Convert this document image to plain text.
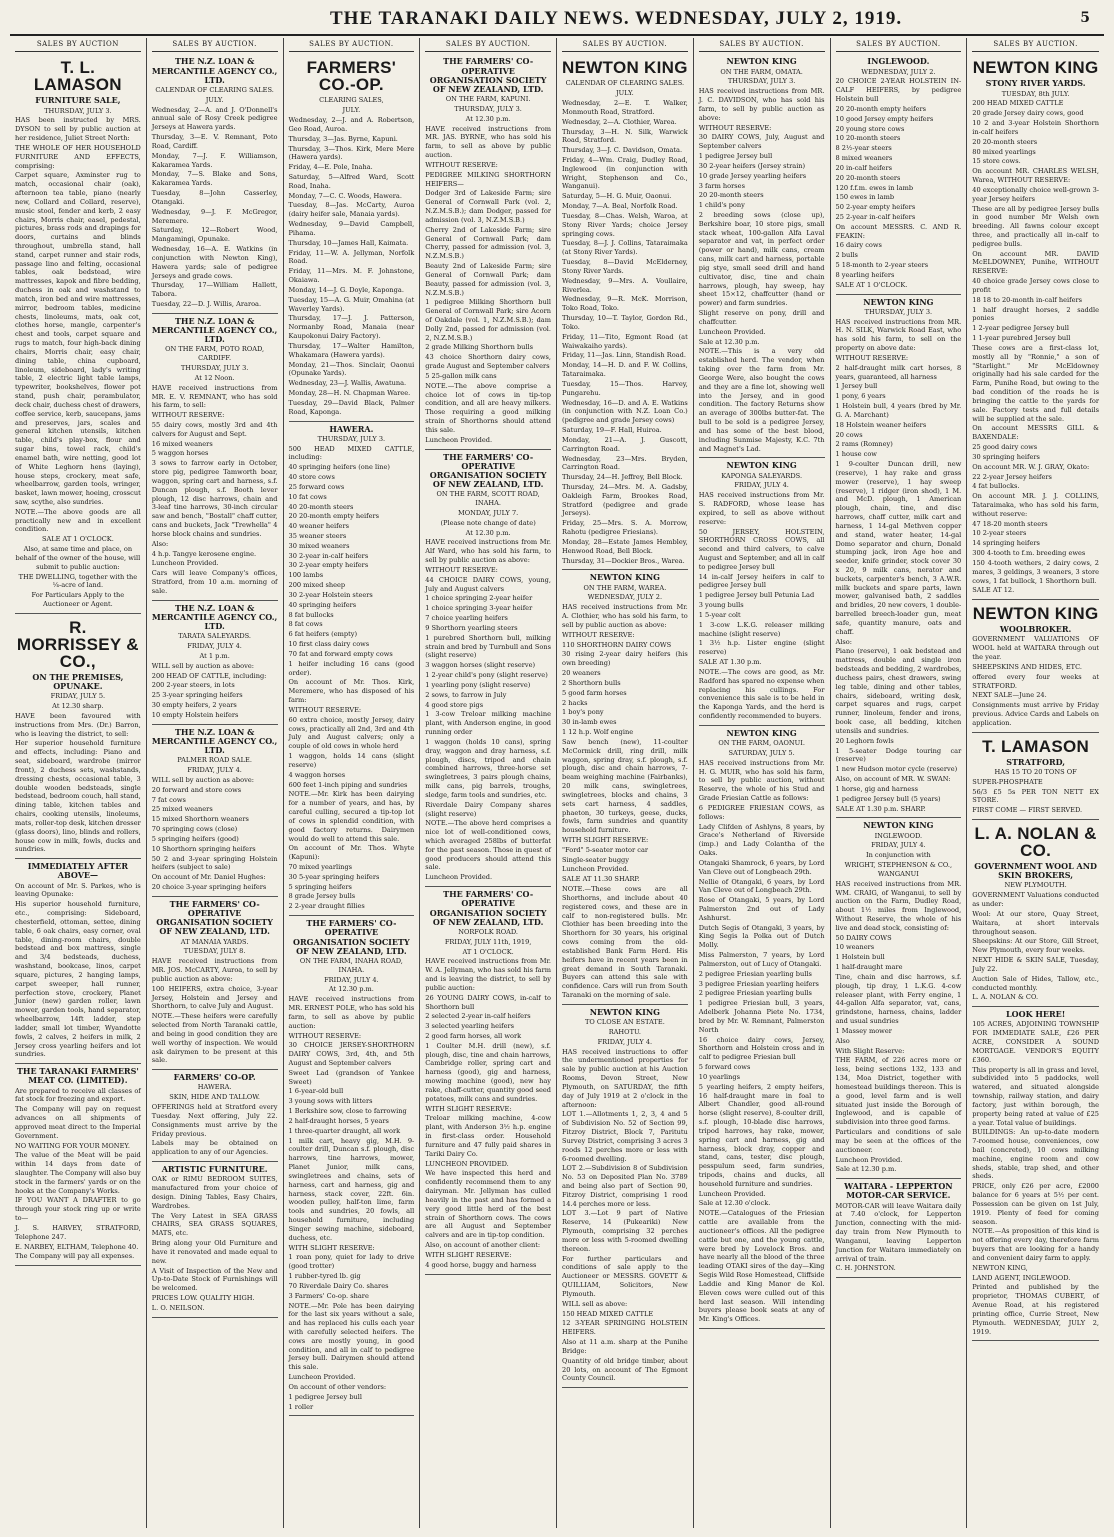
THE TARANAKI DAILY NEWS. WEDNESDAY, JULY 2, 1919.	5
SALES BY AUCTION
T. L. LAMASON
FURNITURE SALE,
THURSDAY, JULY 3.

HAS been instructed by MRS. DYSON to sell by public auction at her residence, Juliet Street North:

THE WHOLE OF HER HOUSEHOLD FURNITURE AND EFFECTS, comprising:

Carpet square, Axminster rug to match, occasional chair (oak), afternoon tea table, piano (nearly new, Collard and Collard, reserve), music stool, fender and kerb, 2 easy chairs, Morris chair, easel, pedestal, pictures, brass rods and drapings for doors, curtains and blinds throughout, umbrella stand, hall stand, carpet runner and stair rods, passage lino and felting, occasional tables, oak bedstead, wire mattresses, kapok and fibre bedding, duchess in oak and washstand to match, iron bed and wire mattresses, mirror, bedroom tables, medicine chests, linoleums, mats, oak cot, clothes horse, mangle, carpenter's chest and tools, carpet square and rugs to match, four high-back dining chairs, Morris chair, easy chair, dining table, china cupboard, linoleum, sideboard, lady's writing table, 2 electric light table lamps, typewriter, bookshelves, flower pot stand, push chair, perambulator, deck chair, duchess chest of drawers, coffee service, kerb, saucepans, jams and preserves, jars, scales and general kitchen utensils, kitchen table, child's play-box, flour and sugar bins, towel rack, child's enamel bath, wire netting, good lot of White Leghorn hens (laying), house steps, crockery, meat safe, wheelbarrow, garden tools, wringer, basket, lawn mower, hoeing, crosscut saw, scythe, also sundries.

NOTE.—The above goods are all practically new and in excellent condition.

SALE AT 1 O'CLOCK.
Also, at same time and place, on behalf of the owner of the house, will submit to public auction:
THE DWELLING, together with the ¼-acre of land.
For Particulars Apply to the Auctioneer or Agent.
R. MORRISSEY & CO.,
ON THE PREMISES, OPUNAKE.
FRIDAY, JULY 5.
At 12.30 sharp.

HAVE been favoured with instructions from Mrs. (Dr.) Barron, who is leaving the district, to sell:

Her superior household furniture and effects, including: Piano and seat, sideboard, wardrobe (mirror front), 2 duchess sets, washstands, dressing chests, occasional table, 3 double wooden bedsteads, single bedstead, bedroom couch, hall stand, dining table, kitchen tables and chairs, cooking utensils, linoleums, mats, roller-top desk, kitchen dresser (glass doors), lino, blinds and rollers, house cow in milk, fowls, ducks and sundries.

IMMEDIATELY AFTER ABOVE—

On account of Mr. S. Parkes, who is leaving Opunake:

His superior household furniture, etc., comprising: Sideboard, chesterfield, ottoman, settee, dining table, 6 oak chairs, easy corner, oval table, dining-room chairs, double bedstead and box mattress, single and 3/4 bedsteads, duchess, washstand, bookcase, linos, carpet square, pictures, 2 hanging lamps, carpet sweeper, hall runner, perfection stove, crockery, Planet Junior (new) garden roller, lawn mower, garden tools, hand separator, wheelbarrow, 14ft ladder, step ladder, small lot timber, Wyandotte fowls, 2 calves, 2 heifers in milk, 2 Jersey cross yearling heifers and lot sundries.

THE TARANAKI FARMERS' MEAT CO. (LIMITED).

Are prepared to receive all classes of fat stock for freezing and export.

The Company will pay on request advances on all shipments of approved meat direct to the Imperial Government.

NO WAITING FOR YOUR MONEY.

The value of the Meat will be paid within 14 days from date of slaughter. The Company will also buy stock in the farmers' yards or on the hooks at the Company's Works.

IF YOU WANT A DRAFTER to go through your stock ring up or write to—

J. S. HARVEY, STRATFORD, Telephone 247.

E. NARBEY, ELTHAM, Telephone 40.

The Company will pay all expenses.

SALES BY AUCTION.
THE N.Z. LOAN & MERCANTILE AGENCY CO., LTD.
CALENDAR OF CLEARING SALES.
JULY.

Wednesday, 2—A. and J. O'Donnell's annual sale of Rosy Creek pedigree Jerseys at Hawera yards.

Thursday, 3—E. V. Remnant, Poto Road, Cardiff.

Monday, 7—J. F. Williamson, Kakaramea Yards.

Monday, 7—S. Blake and Sons, Kakaramea Yards.

Tuesday, 8—John Casserley, Otangaki.

Wednesday, 9—J. F. McGregor, Meremere.

Saturday, 12—Robert Wood, Mangamingi, Opunake.

Wednesday, 16—A. E. Watkins (in conjunction with Newton King), Hawera yards; sale of pedigree Jerseys and grade cows.

Thursday, 17—William Hallett, Tabora.

Tuesday, 22—D. J. Willis, Araroa.

THE N.Z. LOAN & MERCANTILE AGENCY CO., LTD.
ON THE FARM, POTO ROAD, CARDIFF.
THURSDAY, JULY 3.
At 12 Noon.

HAVE received instructions from MR. E. V. REMNANT, who has sold his farm, to sell:

WITHOUT RESERVE:

55 dairy cows, mostly 3rd and 4th calvers for August and Sept.

16 mixed weaners

5 waggon horses

3 sows to farrow early in October, store pig, pedigree Tamworth boar, waggon, spring cart and harness, s.f. Duncan plough, s.f. Booth lever plough, 12 disc harrows, chain and 3-leaf tine harrows, 30-inch circular saw and bench, "Bostall" chaff cutter, cans and buckets, Jack "Trewhella" 4 horse block chains and sundries.

Also:

4 h.p. Tangye kerosene engine.

Luncheon Provided.

Cars will leave Company's offices, Stratford, from 10 a.m. morning of sale.

THE N.Z. LOAN & MERCANTILE AGENCY CO., LTD.
TARATA SALEYARDS.
FRIDAY, JULY 4.
At 1 p.m.

WILL sell by auction as above:

200 HEAD OF CATTLE, including:

200 2-year steers, in lots

25 3-year springing heifers

30 empty heifers, 2 years

10 empty Holstein heifers

THE N.Z. LOAN & MERCANTILE AGENCY CO., LTD.
PALMER ROAD SALE.
FRIDAY, JULY 4.

WILL sell by auction as above:

20 forward and store cows

7 fat cows

25 mixed weaners

15 mixed Shorthorn weaners

70 springing cows (close)

5 springing heifers (good)

10 Shorthorn springing heifers

50 2 and 3-year springing Holstein heifers (subject to sale)

On account of Mr. Daniel Hughes:

20 choice 3-year springing heifers

THE FARMERS' CO-OPERATIVE ORGANISATION SOCIETY OF NEW ZEALAND, LTD.
AT MANAIA YARDS.
TUESDAY, JULY 8.

HAVE received instructions from MR. JOS. McCARTY, Auroa, to sell by public auction as above:

100 HEIFERS, extra choice, 3-year Jersey, Holstein and Jersey and Shorthorn, to calve July and August.

NOTE.—These heifers were carefully selected from North Taranaki cattle, and being in good condition they are well worthy of inspection. We would ask dairymen to be present at this sale.

FARMERS' CO-OP.
HAWERA.
SKIN, HIDE AND TALLOW.

OFFERINGS held at Stratford every Tuesday. Next offering, July 22. Consignments must arrive by the Friday previous.

Labels may be obtained on application to any of our Agencies.

ARTISTIC FURNITURE.

OAK or RIMU BEDROOM SUITES, manufactured from your choice of design. Dining Tables, Easy Chairs, Wardrobes.

The Very Latest in SEA GRASS CHAIRS, SEA GRASS SQUARES, MATS, etc.

Bring along your Old Furniture and have it renovated and made equal to new.

A Visit of Inspection of the New and Up-to-Date Stock of Furnishings will be welcomed.

PRICES LOW. QUALITY HIGH.

L. O. NEILSON.

SALES BY AUCTION.
FARMERS' CO.-OP.
CLEARING SALES,
JULY.

Wednesday, 2—J. and A. Robertson, Geo Road, Auroa.

Thursday, 3—Jas. Byrne, Kapuni.

Thursday, 3—Thos. Kirk, Mere Mere (Hawera yards).

Friday, 4—E. Pole, Inaha.

Saturday, 5—Alfred Ward, Scott Road, Inaha.

Monday, 7—C. C. Woods, Hawera.

Tuesday, 8—Jas. McCarty, Auroa (dairy heifer sale, Manaia yards).

Wednesday, 9—David Campbell, Pihama.

Thursday, 10—James Hall, Kaimata.

Friday, 11—W. A. Jellyman, Norfolk Road.

Friday, 11—Mrs. M. F. Johnstone, Okaiawa.

Monday, 14—J. G. Doyle, Kaponga.

Tuesday, 15—A. G. Muir, Omahina (at Waverley Yards).

Thursday, 17—J. J. Patterson, Normanby Road, Manaia (near Kaupokonui Dairy Factory).

Thursday, 17—Walter Hamilton, Whakamara (Hawera yards).

Monday, 21—Thos. Sinclair, Oaonui (Opunake Yards).

Wednesday, 23—J. Wallis, Awatuna.

Monday, 28—H. N. Chapman Waree.

Tuesday, 29—David Black, Palmer Road, Kaponga.

HAWERA.
THURSDAY, JULY 3.

500 HEAD MIXED CATTLE, including:

40 springing heifers (one line)

40 store cows

25 forward cows

10 fat cows

40 20-month steers

20 20-month empty heifers

40 weaner heifers

35 weaner steers

30 mixed weaners

30 2-year in-calf heifers

30 2-year empty heifers

100 lambs

200 mixed sheep

30 2-year Holstein steers

40 springing heifers

8 fat bullocks

8 fat cows

6 fat heifers (empty)

10 first class dairy cows

70 fat and forward empty cows

1 heifer including 16 cans (good order).

On account of Mr. Thos. Kirk, Meremere, who has disposed of his farm:

WITHOUT RESERVE:

60 extra choice, mostly Jersey, dairy cows, practically all 2nd, 3rd and 4th July and August calvers; only a couple of old cows in whole herd

1 waggon, holds 14 cans (slight reserve)

4 waggon horses

600 feet 1-inch piping and sundries

NOTE.—Mr. Kirk has been dairying for a number of years, and has, by careful culling, secured a tip-top lot of cows in splendid condition, with good factory returns. Dairymen would do well to attend this sale.

On account of Mr. Thos. Whyte (Kapuni):

70 mixed yearlings

30 5-year springing heifers

5 springing heifers

8 grade Jersey bulls

2 2-year draught fillies

THE FARMERS' CO-OPERATIVE ORGANISATION SOCIETY OF NEW ZEALAND, LTD.
ON THE FARM, INAHA ROAD, INAHA.
FRIDAY, JULY 4.
At 12.30 p.m.

HAVE received instructions from MR. ERNEST POLE, who has sold his farm, to sell as above by public auction:

WITHOUT RESERVE:

30 CHOICE JERSEY-SHORTHORN DAIRY COWS, 3rd, 4th, and 5th August and September calvers

Sweet Lad (grandson of Yankee Sweet)

1 6-year-old bull

3 young sows with litters

1 Berkshire sow, close to farrowing

2 half-draught horses, 5 years

1 three-quarter draught, all work

1 milk cart, heavy gig, M.H. 9-coulter drill, Duncan s.f. plough, disc harrows, tine harrows, mower, Planet Junior, milk cans, swingletrees and chains, sets of harness, cart and harness, gig and harness, stack cover, 22ft. 6in. wooden pulley, half-ton lime, farm tools and sundries, 20 fowls, all household furniture, including Singer sewing machine, sideboard, duchess, etc.

WITH SLIGHT RESERVE:

1 roan pony, quiet for lady to drive (good trotter)

1 rubber-tyred lb. gig

70 Riverdale Dairy Co. shares

3 Farmers' Co-op. share

NOTE.—Mr. Pole has been dairying for the last six years without a sale, and has replaced his culls each year with carefully selected heifers. The cows are mostly young, in good condition, and all in calf to pedigree Jersey bull. Dairymen should attend this sale.

Luncheon Provided.

On account of other vendors:

1 pedigree Jersey bull

1 roller

SALES BY AUCTION.
THE FARMERS' CO-OPERATIVE ORGANISATION SOCIETY OF NEW ZEALAND, LTD.
ON THE FARM, KAPUNI.
THURSDAY, JULY 3.
At 12.30 p.m.

HAVE received instructions from MR. JAS. BYRNE, who has sold his farm, to sell as above by public auction.

WITHOUT RESERVE:

PEDIGREE MILKING SHORTHORN HEIFERS—

Dodger 3rd of Lakeside Farm; sire General of Cornwall Park (vol. 2, N.Z.M.S.B.); dam Dodger, passed for admission (vol. 3, N.Z.M.S.B.)

Cherry 2nd of Lakeside Farm; sire General of Cornwall Park; dam Cherry, passed for admission (vol. 3, N.Z.M.S.B.)

Beauty 2nd of Lakeside Farm; sire General of Cornwall Park; dam Beauty, passed for admission (vol. 3, N.Z.M.S.B.)

1 pedigree Milking Shorthorn bull General of Cornwall Park; sire Acorn of Oakdale (vol. 1, N.Z.M.S.B.); dam Dolly 2nd, passed for admission (vol. 2, N.Z.M.S.B.)

2 grade Milking Shorthorn bulls

43 choice Shorthorn dairy cows, grade August and September calvers

5 25-gallon milk cans

NOTE.—The above comprise a choice lot of cows in tip-top condition, and all are heavy milkers. Those requiring a good milking strain of Shorthorns should attend this sale.

Luncheon Provided.

THE FARMERS' CO-OPERATIVE ORGANISATION SOCIETY OF NEW ZEALAND, LTD.
ON THE FARM, SCOTT ROAD, INAHA.
MONDAY, JULY 7.
(Please note change of date)
At 12.30 p.m.

HAVE received instructions from Mr. Alf Ward, who has sold his farm, to sell by public auction as above:

WITHOUT RESERVE:

44 CHOICE DAIRY COWS, young, July and August calvers

1 choice springing 2-year heifer

1 choice springing 3-year heifer

7 choice yearling heifers

9 Shorthorn yearling steers

1 purebred Shorthorn bull, milking strain and bred by Turnbull and Sons (slight reserve)

3 waggon horses (slight reserve)

1 2-year child's pony (slight reserve)

1 yearling pony (slight reserve)

2 sows, to farrow in July

4 good store pigs

1 3-cow Treloar milking machine plant, with Anderson engine, in good running order

1 waggon (holds 10 cans), spring dray, waggon and dray harness, s.f. plough, discs, tripod and chain combined harrows, three-horse set swingletrees, 3 pairs plough chains, milk cans, pig barrels, troughs, sledge, farm tools and sundries, etc.

Riverdale Dairy Company shares (slight reserve)

NOTE.—The above herd comprises a nice lot of well-conditioned cows, which averaged 258lbs of butterfat for the past season. Those in quest of good producers should attend this sale.

Luncheon Provided.

THE FARMERS' CO-OPERATIVE ORGANISATION SOCIETY OF NEW ZEALAND, LTD.
NORFOLK ROAD.
FRIDAY, JULY 11th, 1919,
AT 1 O'CLOCK.

HAVE received instructions from Mr. W. A. Jellyman, who has sold his farm and is leaving the district, to sell by public auction:

26 YOUNG DAIRY COWS, in-calf to Shorthorn bull

2 selected 2-year in-calf heifers

3 selected yearling heifers

2 good farm horses, all work

1 Coulter M.H. drill (new), s.f. plough, disc, tine and chain harrows, Cambridge roller, spring cart and harness (good), gig and harness, mowing machine (good), new hay rake, chaff-cutter, quantity good seed potatoes, milk cans and sundries.

WITH SLIGHT RESERVE:

Treloar milking machine, 4-cow plant, with Anderson 3½ h.p. engine in first-class order. Household furniture and 47 fully paid shares in Tariki Dairy Co.

LUNCHEON PROVIDED.

We have inspected this herd and confidently recommend them to any dairyman. Mr. Jellyman has culled heavily in the past and has formed a very good little herd of the best strain of Shorthorn cows. The cows are all August and September calvers and are in tip-top condition.

Also, on account of another client:

WITH SLIGHT RESERVE:

4 good horse, buggy and harness

SALES BY AUCTION.
NEWTON KING
CALENDAR OF CLEARING SALES.
JULY.

Wednesday, 2—E. T. Walker, Monmouth Road, Stratford.

Wednesday, 2—A. Clothier, Warea.

Thursday, 3—H. N. Silk, Warwick Road, Stratford.

Thursday, 3—J. C. Davidson, Omata.

Friday, 4—Wm. Craig, Dudley Road, Inglewood (in conjunction with Wright, Stephenson and Co., Wanganui).

Saturday, 5—H. G. Muir, Oaonui.

Monday, 7—A. Beal, Norfolk Road.

Tuesday, 8—Chas. Welsh, Waroa, at Stony River Yards; choice Jersey springing cows.

Tuesday, 8—J. J. Collins, Tataraimaka (at Stony River Yards).

Tuesday, 8—David McElderney, Stony River Yards.

Wednesday, 9—Mrs. A. Voullaire, Riverlea.

Wednesday, 9—R. McK. Morrison, Toko Road, Toko.

Thursday, 10—T. Taylor, Gordon Rd., Toko.

Friday, 11—Tito, Egmont Road (at Waiwakaiho yards).

Friday, 11—Jas. Linn, Standish Road.

Monday, 14—H. D. and F. W. Collins, Tataraimaka.

Tuesday, 15—Thos. Harvey, Pungarehu.

Wednesday, 16—D. and A. E. Watkins (in conjunction with N.Z. Loan Co.) (pedigree and grade Jersey cows)

Saturday, 19—F. Hall, Huiroa.

Monday, 21—A. J. Guscott, Carrington Road.

Wednesday, 23—Mrs. Bryden, Carrington Road.

Thursday, 24—H. Jeffrey, Bell Block.

Thursday, 24—Mrs. M. A. Gadsby, Oakleigh Farm, Brookes Road, Stratford (pedigree and grade Jerseys).

Friday, 25—Mrs. S. A. Morrow, Rahotu (pedigree Friesians).

Monday, 28—Estate James Hembley, Henwood Road, Bell Block.

Thursday, 31—Dockier Bros., Warea.

NEWTON KING
ON THE FARM, WAREA.
WEDNESDAY, JULY 2.

HAS received instructions from Mr. A. Clothier, who has sold his farm, to sell by public auction as above:

WITHOUT RESERVE:

110 SHORTHORN DAIRY COWS

30 rising 2-year dairy heifers (his own breeding)

20 weaners

2 Shorthorn bulls

5 good farm horses

2 hacks

1 boy's pony

30 in-lamb ewes

1 12 h.p. Wolf engine

Saw bench (new), 11-coulter McCormick drill, ring drill, milk waggon, spring dray, s.f. plough, s.f. plough, disc and chain harrows, 7-beam weighing machine (Fairbanks), 20 milk cans, swingletrees, swingletrees, blocks and chains, 3 sets cart harness, 4 saddles, phaeton, 30 turkeys, geese, ducks, fowls, farm sundries and quantity household furniture.

WITH SLIGHT RESERVE:

"Ford" 5-seater motor car

Single-seater buggy

Luncheon Provided.

SALE AT 11.30 SHARP.

NOTE.—These cows are all Shorthorns, and include about 40 registered cows, and these are in calf to non-registered bulls. Mr. Clothier has been breeding into the Shorthorn for 30 years, his original cows coming from the old-established Bank Farm Herd. His heifers have in recent years been in great demand in South Taranaki. Buyers can attend this sale with confidence. Cars will run from South Taranaki on the morning of sale.

NEWTON KING
TO CLOSE AN ESTATE.
RAHOTU.
FRIDAY, JULY 4.

HAS received instructions to offer the undermentioned properties for sale by public auction at his Auction Rooms, Devon Street, New Plymouth, on SATURDAY, the fifth day of July 1919 at 2 o'clock in the afternoon:

LOT 1.—Allotments 1, 2, 3, 4 and 5 of Subdivision No. 52 of Section 99, Fitzroy District, Block 7, Paritutu Survey District, comprising 3 acres 3 roods 12 perches more or less with 6-roomed dwelling.

LOT 2.—Subdivision 8 of Subdivision No. 53 on Deposited Plan No. 3789 and being also part of Section 90, Fitzroy District, comprising 1 rood 14.4 perches more or less.

LOT 3.—Lot 9 part of Native Reserve, 14 (Pukeariki) New Plymouth, comprising 32 perches more or less with 5-roomed dwelling thereon.

For further particulars and conditions of sale apply to the Auctioneer or MESSRS. GOVETT & QUILLIAM, Solicitors, New Plymouth.

WILL sell as above:

150 HEAD MIXED CATTLE

12 3-YEAR SPRINGING HOLSTEIN HEIFERS.

Also at 11 a.m. sharp at the Punihe Bridge:

Quantity of old bridge timber, about 20 lots, on account of The Egmont County Council.

SALES BY AUCTION.
NEWTON KING
ON THE FARM, OMATA.
THURSDAY, JULY 3.

HAS received instructions from MR. J. C. DAVIDSON, who has sold his farm, to sell by public auction as above:

WITHOUT RESERVE:

30 DAIRY COWS, July, August and September calvers

1 pedigree Jersey bull

30 2-year heifers (Jersey strain)

10 grade Jersey yearling heifers

3 farm horses

20 20-month steers

1 child's pony

2 breeding sows (close up), Berkshire boar, 10 store pigs, small stack wheat, 100-gallon Alfa Laval separator and vat, in perfect order (power or hand), milk cans, cream cans, milk cart and harness, portable pig stye, small seed drill and hand cultivator, disc, tine and chain harrows, plough, hay sweep, hay sheet 15×12, chaffcutter (hand or power) and farm sundries.

Slight reserve on pony, drill and chaffcutter.

Luncheon Provided.

Sale at 12.30 p.m.

NOTE.—This is a very old established herd. The vendor, when taking over the farm from Mr. George Were, also bought the cows and they are a fine lot, showing well into the Jersey, and in good condition. The factory Returns show an average of 300lbs butter-fat. The bull to be sold is a pedigree Jersey, and has some of the best blood, including Sunmise Majesty, K.C. 7th and Magnet's Lad.

NEWTON KING
KAPONGA SALEYARDS.
FRIDAY, JULY 4.

HAS received instructions from Mr. S. RADFORD, whose lease has expired, to sell as above without reserve:

50 JERSEY, HOLSTEIN, SHORTHORN CROSS COWS, all second and third calvers, to calve August and September, and all in calf to pedigree Jersey bull

14 in-calf Jersey heifers in calf to pedigree Jersey bull

1 pedigree Jersey bull Petunia Lad

3 young bulls

1 5-year colt

1 3-cow L.K.G. releaser milking machine (slight reserve)

1 3½ h.p. Lister engine (slight reserve)

SALE AT 1.30 p.m.

NOTE.—The cows are good, as Mr. Radford has spared no expense when replacing his cullings. For convenience this sale is to be held in the Kaponga Yards, and the herd is confidently recommended to buyers.

NEWTON KING
ON THE FARM, OAONUI.
SATURDAY, JULY 5.

HAS received instructions from Mr. H. G. MUIR, who has sold his farm, to sell by public auction, without Reserve, the whole of his Stud and Grade Friesian Cattle as follows:

6 PEDIGREE FRIESIAN COWS, as follows:

Lady Clifden of Ashlyns, 8 years, by Grace's Netherland of Riverside (imp.) and Lady Colantha of the Oaks.

Otangaki Shamrock, 6 years, by Lord Van Cleve out of Longbeach 29th.

Nellie of Otangaki, 6 years, by Lord Van Cleve out of Longbeach 29th.

Rose of Otangaki, 5 years, by Lord Palmerston 2nd out of Lady Ashhurst.

Dutch Segis of Otangaki, 3 years, by King Segis la Polka out of Dutch Molly.

Miss Palmerston, 7 years, by Lord Palmerston, out of Lucy of Otangaki.

2 pedigree Friesian yearling bulls

3 pedigree Friesian yearling heifers

2 pedigree Friesian yearling bulls

1 pedigree Friesian bull, 3 years, Adelberk Johanna Piete No. 1734, bred by Mr. W. Remnant, Palmerston North

16 choice dairy cows, Jersey, Shorthorn and Holstein cross and in calf to pedigree Friesian bull

5 forward cows

10 yearlings

5 yearling heifers, 2 empty heifers, 16 half-draught mare in foal to Albert Chandler, good all-round horse (slight reserve), 8-coulter drill, s.f. plough, 10-blade disc harrows, tripod harrows, hay rake, mower, spring cart and harness, gig and harness, block dray, copper and stand, cans, tester, disc plough, pesspulum seed, farm sundries, tripods, chains and ducks, all household furniture and sundries.

Luncheon Provided.

Sale at 12.30 o'clock.

NOTE.—Catalogues of the Friesian cattle are available from the auctioneer's offices. All the pedigree cattle but one, and the young cattle, were bred by Lovelock Bros. and have nearly all the blood of the three leading OTAKI sires of the day—King Segis Wild Rose Homestead, Cliffside Laddie and King Manor de Kol. Eleven cows were culled out of this herd last season. Will intending buyers please book seats at any of Mr. King's Offices.

SALES BY AUCTION.
INGLEWOOD.
WEDNESDAY, JULY 2.

20 CHOICE 2-YEAR HOLSTEIN IN-CALF HEIFERS, by pedigree Holstein bull

20 20-month empty heifers

10 good Jersey empty heifers

20 young store cows

10 20-month steers

8 2½-year steers

8 mixed weaners

20 in-calf heifers

20 20-month steers

120 f.f.m. ewes in lamb

150 ewes in lamb

50 2-year empty heifers

25 2-year in-calf heifers

On account MESSRS. C. AND R. FEAKIN:

16 dairy cows

2 bulls

5 18-month to 2-year steers

8 yearling heifers

SALE AT 1 O'CLOCK.

NEWTON KING
THURSDAY, JULY 3.

HAS received instructions from MR. H. N. SILK, Warwick Road East, who has sold his farm, to sell on the property on above date:

WITHOUT RESERVE:

2 half-draught milk cart horses, 8 years, guaranteed, all harness

1 Jersey bull

1 pony, 6 years

1 Holstein bull, 4 years (bred by Mr. G. A. Marchant)

18 Holstein weaner heifers

20 cows

2 rams (Romney)

1 house cow

1 9-coulter Duncan drill, new (reserve), 1 hay rake and grass mower (reserve), 1 hay sweep (reserve), 1 ridger (iron shod), 1 M. and McD. plough, 1 American plough, chain, tine, and disc harrows, chaff cutter, milk cart and harness, 1 14-gal Methven copper and stand, water heater, 14-gal Domo separator and churn, Donald stumping jack, iron Age hoe and seeder, knife grinder, stock cover 30 x 20, 9 milk cans, nerator and buckets, carpenter's bench, 3 A.W.R. milk buckets and spare parts, lawn mower, galvanised bath, 2 saddles and bridles, 20 new covers, 1 double-barrelled breech-loader gun, meat safe, quantity manure, oats and chaff.

Also:

Piano (reserve), 1 oak bedstead and mattress, double and single iron bedsteads and bedding, 2 wardrobes, duchess pairs, chest drawers, swing leg table, dining and other tables, chairs, sideboard, writing desk, carpet squares and rugs, carpet runner, linoleum, fender and irons, book case, all bedding, kitchen utensils and sundries.

20 Leghorn fowls

1 5-seater Dodge touring car (reserve)

1 new Hudson motor cycle (reserve)

Also, on account of MR. W. SWAN:

1 horse, gig and harness

1 pedigree Jersey bull (5 years)

SALE AT 1.30 p.m. SHARP.

NEWTON KING
INGLEWOOD.
FRIDAY, JULY 4.
In conjunction with
WRIGHT, STEPHENSON & CO., WANGANUI

HAS received instructions from MR. WM. CRAIG, of Wanganui, to sell by auction on the Farm, Dudley Road, about 1½ miles from Inglewood, Without Reserve, the whole of his live and dead stock, consisting of:

50 DAIRY COWS

10 weaners

1 Holstein bull

1 half-draught mare

Tine, chain and disc harrows, s.f. plough, tip dray, 1 L.K.G. 4-cow releaser plant, with Ferry engine, 1 44-gallon Alfa separator, vat, cans, grindstone, harness, chains, ladder and usual sundries

1 Massey mower

Also

With Slight Reserve:

THE FARM, of 226 acres more or less, being sections 132, 133 and 134, Moa District, together with homestead buildings thereon. This is a good, level farm and is well situated just inside the Borough of Inglewood, and is capable of subdivision into three good farms.

Particulars and conditions of sale may be seen at the offices of the auctioneer.

Luncheon Provided.

Sale at 12.30 p.m.

WAITARA - LEPPERTON MOTOR-CAR SERVICE.

MOTOR-CAR will leave Waitara daily at 7.40 o'clock, for Lepperton Junction, connecting with the mid-day train from New Plymouth to Wanganui, leaving Lepperton Junction for Waitara immediately on arrival of train.

C. H. JOHNSTON.

SALES BY AUCTION.
NEWTON KING
STONY RIVER YARDS.
TUESDAY, 8th JULY.

200 HEAD MIXED CATTLE

20 grade Jersey dairy cows, good

10 2 and 3-year Holstein Shorthorn in-calf heifers

20 20-month steers

80 mixed yearlings

15 store cows.

On account MR. CHARLES WELSH, Warea, WITHOUT RESERVE:

40 exceptionally choice well-grown 3-year Jersey heifers

These are all by pedigree Jersey bulls in good number Mr Welsh own breeding. All fawns colour except three, and practically all in-calf to pedigree bulls.

On account MR. DAVID McELDOWNEY, Punihe, WITHOUT RESERVE:

40 choice grade Jersey cows close to profit

18 18 to 20-month in-calf heifers

1 half draught horses, 2 saddle ponies

1 2-year pedigree Jersey bull

1 1-year purebred Jersey bull

These cows are a first-class lot, mostly all by "Ronnie," a son of "Starlight." Mr McEldowney originally had his sale carded for the Farm, Punihe Road, but owing to the bad condition of the roads he is bringing the cattle to the yards for sale. Factory tests and full details will be supplied at the sale.

On account MESSRS GILL & BAXENDALE:

25 good dairy cows

30 springing heifers

On account MR. W. J. GRAY, Okato:

22 2-year Jersey heifers

4 fat bullocks.

On account MR. J. J. COLLINS, Tataraimaka, who has sold his farm, without reserve:

47 18-20 month steers

10 2-year steers

14 springing heifers

300 4-tooth to f.m. breeding ewes

150 4-tooth wethers, 2 dairy cows, 2 mares, 3 geldings, 3 weaners, 3 store cows, 1 fat bullock, 1 Shorthorn bull.

SALE AT 12.

NEWTON KING
WOOLBROKER.

GOVERNMENT VALUATIONS OF WOOL held at WAITARA through out the year.

SHEEPSKINS AND HIDES, ETC.

offered every four weeks at STRATFORD.

NEXT SALE—June 24.

Consignments must arrive by Friday previous. Advice Cards and Labels on application.

T. LAMASON
STRATFORD,
HAS 15 TO 20 TONS OF

SUPER-PHOSPHATE

56/3 £5 5s PER TON NETT EX STORE.

FIRST COME — FIRST SERVED.

L. A. NOLAN & CO.
GOVERNMENT WOOL AND SKIN BROKERS,
NEW PLYMOUTH.

GOVERNMENT Valuations conducted as under:

Wool: At our store, Quay Street, Waitara, at short intervals throughout season.

Sheepskins: At our Store, Gill Street, New Plymouth, every four weeks.

NEXT HIDE & SKIN SALE, Tuesday, July 22.

Auction Sale of Hides, Tallow, etc., conducted monthly.

L. A. NOLAN & CO.

LOOK HERE!

105 ACRES, ADJOINING TOWNSHIP FOR IMMEDIATE SALE, £26 PER ACRE, CONSIDER A SOUND MORTGAGE. VENDOR'S EQUITY £360.

This property is all in grass and level, subdivided into 5 paddocks, well watered, and situated alongside township, railway station, and dairy factory, just within borough, the property being rated at value of £25 a year. Total value of buildings.

BUILDINGS: An up-to-date modern 7-roomed house, conveniences, cow bail (concreted), 10 cows milking machine, engine room and cow sheds, stable, trap shed, and other sheds.

PRICE, only £26 per acre, £2000 balance for 6 years at 5½ per cent. Possession can be given on 1st July, 1919. Plenty of feed for coming season.

NOTE.—As proposition of this kind is not offering every day, therefore farm buyers that are looking for a handy and convenient dairy farm to apply.

NEWTON KING,

LAND AGENT, INGLEWOOD.

Printed and published by the proprietor, THOMAS CUBERT, of Avenue Road, at his registered printing office, Currie Street, New Plymouth. WEDNESDAY, JULY 2, 1919.
